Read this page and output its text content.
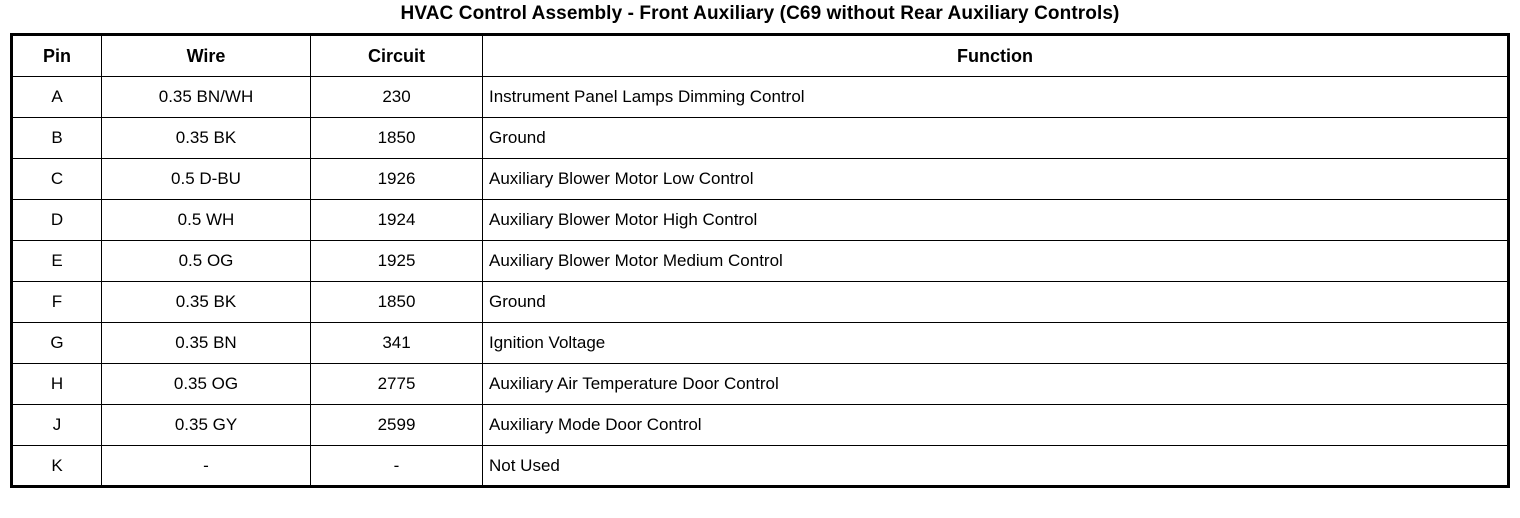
HVAC Control Assembly - Front Auxiliary (C69 without Rear Auxiliary Controls)
Pin	Wire	Circuit	Function
A	0.35 BN/WH	230	Instrument Panel Lamps Dimming Control
B	0.35 BK	1850	Ground
C	0.5 D-BU	1926	Auxiliary Blower Motor Low Control
D	0.5 WH	1924	Auxiliary Blower Motor High Control
E	0.5 OG	1925	Auxiliary Blower Motor Medium Control
F	0.35 BK	1850	Ground
G	0.35 BN	341	Ignition Voltage
H	0.35 OG	2775	Auxiliary Air Temperature Door Control
J	0.35 GY	2599	Auxiliary Mode Door Control
K	-	-	Not Used
